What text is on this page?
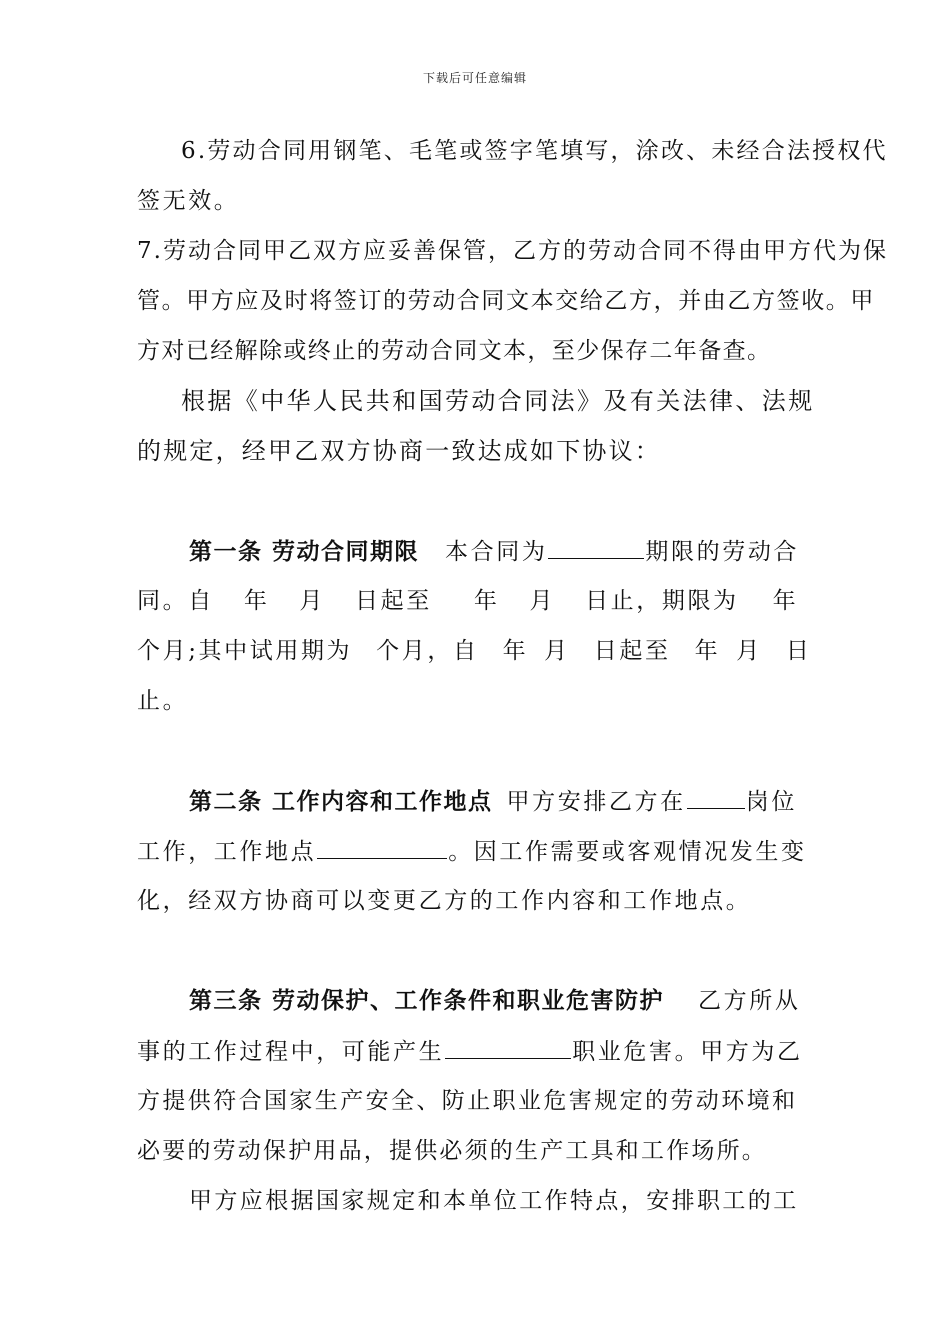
下载后可任意编辑
6.劳动合同用钢笔、毛笔或签字笔填写，涂改、未经合法授权代
签无效。
7.劳动合同甲乙双方应妥善保管，乙方的劳动合同不得由甲方代为保
管。甲方应及时将签订的劳动合同文本交给乙方，并由乙方签收。甲
方对已经解除或终止的劳动合同文本，至少保存二年备查。
根据《中华人民共和国劳动合同法》及有关法律、法规
的规定，经甲乙双方协商一致达成如下协议：
第一条 劳动合同期限 本合同为	期限的劳动合
同。自 年 月 日起至 年 月 日止，期限为 年
个月;其中试用期为 个月，自 年 月 日起至 年 月 日
止。
第二条 工作内容和工作地点 甲方安排乙方在	岗位
工作，工作地点	。因工作需要或客观情况发生变
化，经双方协商可以变更乙方的工作内容和工作地点。
第三条 劳动保护、工作条件和职业危害防护 乙方所从
事的工作过程中，可能产生	职业危害。甲方为乙
方提供符合国家生产安全、防止职业危害规定的劳动环境和
必要的劳动保护用品，提供必须的生产工具和工作场所。
甲方应根据国家规定和本单位工作特点，安排职工的工
